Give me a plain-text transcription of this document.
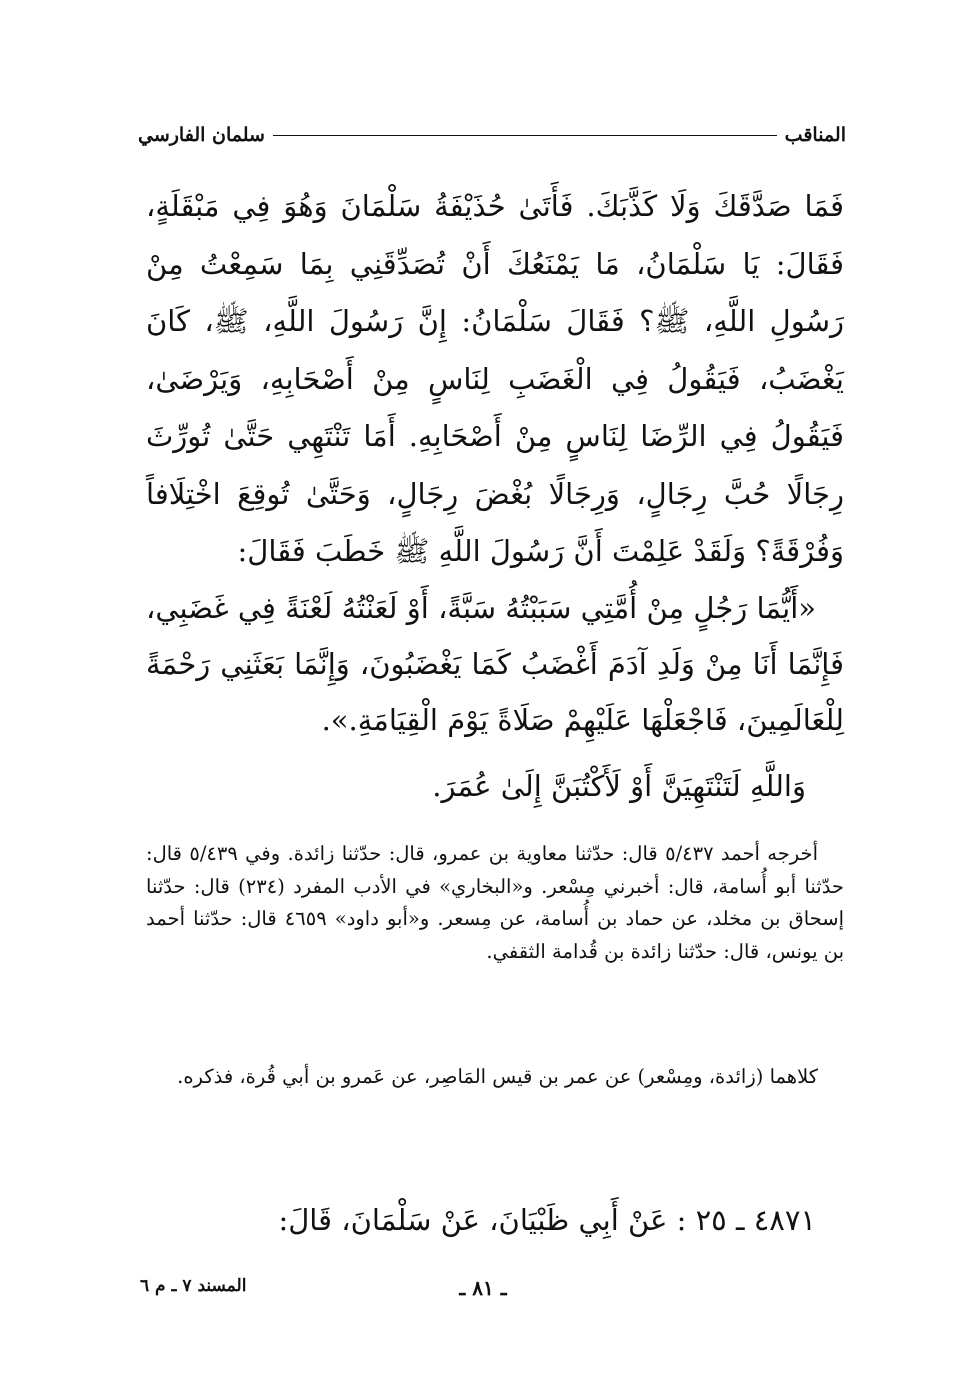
المناقب
سلمان الفارسي

فَمَا صَدَّقَكَ وَلَا كَذَّبَكَ. فَأَتَىٰ حُذَيْفَةُ سَلْمَانَ وَهُوَ فِي مَبْقَلَةٍ، فَقَالَ: يَا سَلْمَانُ، مَا يَمْنَعُكَ أَنْ تُصَدِّقَنِي بِمَا سَمِعْتُ مِنْ رَسُولِ اللَّهِ، ﷺ؟ فَقَالَ سَلْمَانُ: إِنَّ رَسُولَ اللَّهِ، ﷺ، كَانَ يَغْضَبُ، فَيَقُولُ فِي الْغَضَبِ لِنَاسٍ مِنْ أَصْحَابِهِ، وَيَرْضَىٰ، فَيَقُولُ فِي الرِّضَا لِنَاسٍ مِنْ أَصْحَابِهِ. أَمَا تَنْتَهِي حَتَّىٰ تُورِّثَ رِجَالًا حُبَّ رِجَالٍ، وَرِجَالًا بُغْضَ رِجَالٍ، وَحَتَّىٰ تُوقِعَ اخْتِلَافاً وَفُرْقَةً؟ وَلَقَدْ عَلِمْتَ أَنَّ رَسُولَ اللَّهِ ﷺ خَطَبَ فَقَالَ:

«أَيُّمَا رَجُلٍ مِنْ أُمَّتِي سَبَبْتُهُ سَبَّةً، أَوْ لَعَنْتُهُ لَعْنَةً فِي غَضَبِي، فَإِنَّمَا أَنَا مِنْ وَلَدِ آدَمَ أَغْضَبُ كَمَا يَغْضَبُونَ، وَإِنَّمَا بَعَثَنِي رَحْمَةً لِلْعَالَمِينَ، فَاجْعَلْهَا عَلَيْهِمْ صَلَاةً يَوْمَ الْقِيَامَةِ.».

وَاللَّهِ لَتَنْتَهِيَنَّ أَوْ لَأَكْتُبَنَّ إِلَىٰ عُمَرَ.

أخرجه أحمد ٥/٤٣٧ قال: حدّثنا معاوية بن عمرو، قال: حدّثنا زائدة. وفي ٥/٤٣٩ قال: حدّثنا أبو أُسامة، قال: أخبرني مِسْعر. و«البخاري» في الأدب المفرد (٢٣٤) قال: حدّثنا إسحاق بن مخلد، عن حماد بن أُسامة، عن مِسعر. و«أبو داود» ٤٦٥٩ قال: حدّثنا أحمد بن يونس، قال: حدّثنا زائدة بن قُدامة الثقفي.

كلاهما (زائدة، ومِسْعر) عن عمر بن قيس المَاصِر، عن عَمرو بن أبي قُرة، فذكره.

٤٨٧١ ـ ٢٥ : عَنْ أَبِي ظَبْيَانَ، عَنْ سَلْمَانَ، قَالَ:
ـ ٨١ ـ
المسند ٧ ـ م ٦
